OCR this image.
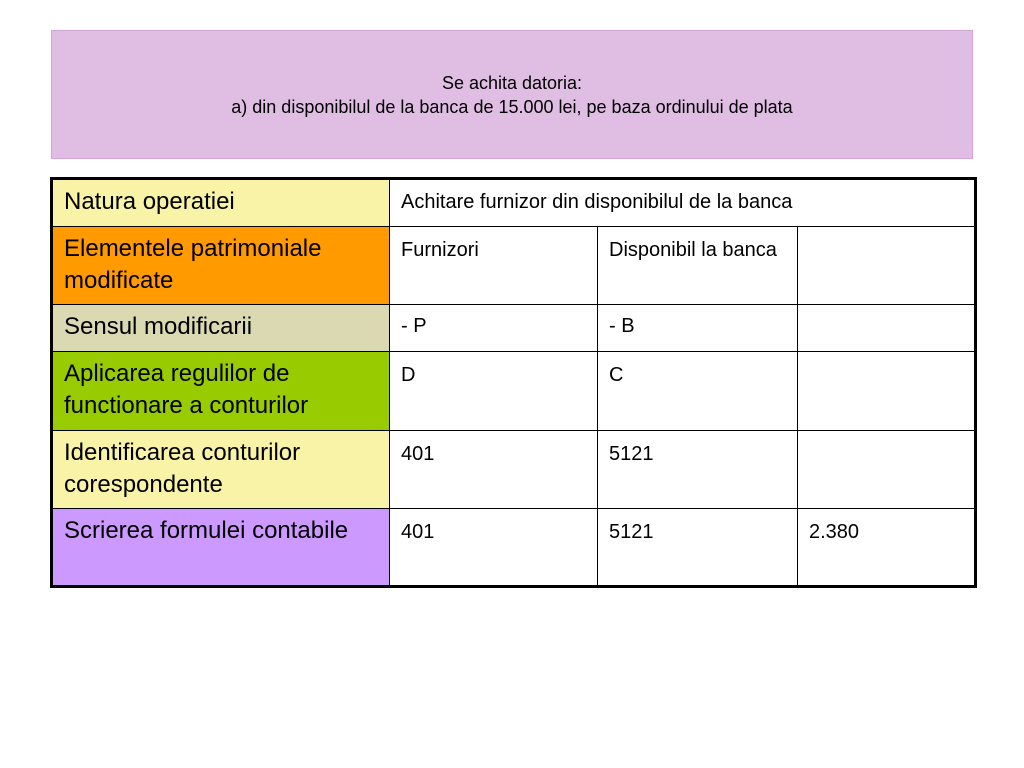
Se achita datoria:
a) din disponibilul de la banca de 15.000 lei, pe baza ordinului de plata
Natura operatiei	Achitare furnizor din disponibilul de la banca		
Elementele patrimoniale modificate	Furnizori	Disponibil la banca	
Sensul modificarii	- P	- B	
Aplicarea regulilor de functionare a conturilor	D	C	
Identificarea conturilor corespondente	401	5121	
Scrierea formulei contabile	401	5121	2.380
